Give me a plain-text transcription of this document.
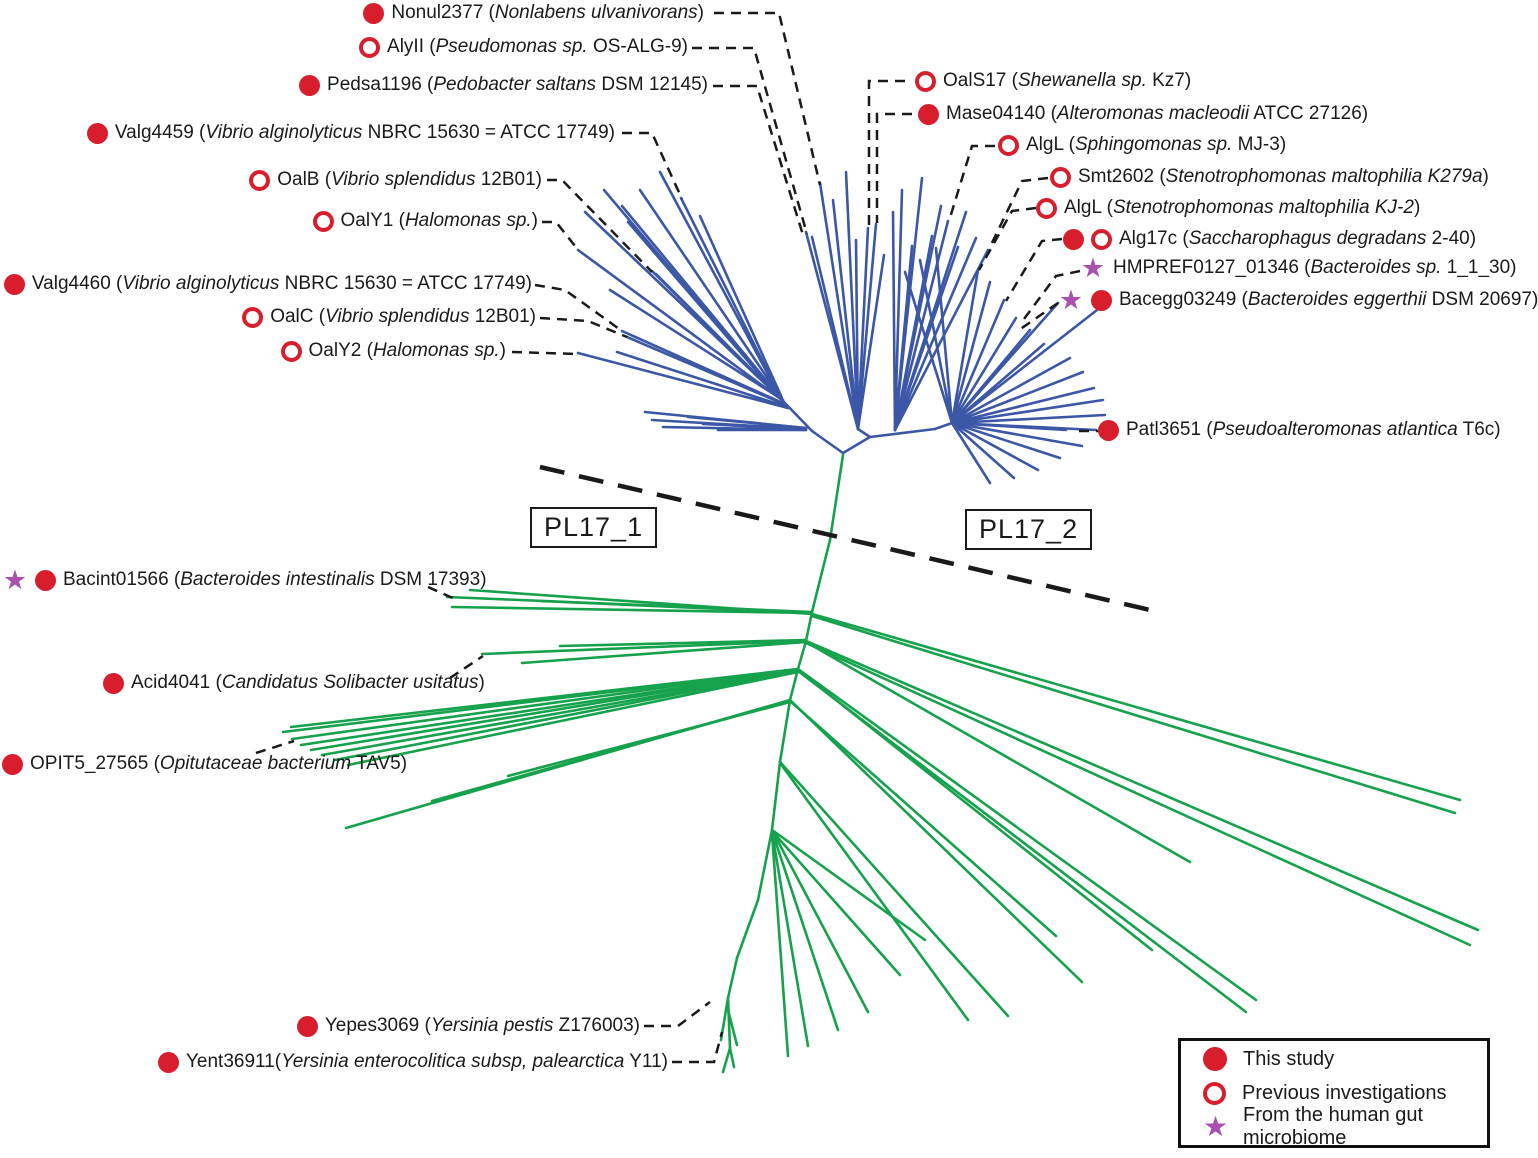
Nonul2377 (Nonlabens ulvanivorans)
AlyII (Pseudomonas sp. OS-ALG-9)
Pedsa1196 (Pedobacter saltans DSM 12145)
Valg4459 (Vibrio alginolyticus NBRC 15630 = ATCC 17749)
OalB (Vibrio splendidus 12B01)
OalY1 (Halomonas sp.)
Valg4460 (Vibrio alginolyticus NBRC 15630 = ATCC 17749)
OalC (Vibrio splendidus 12B01)
OalY2 (Halomonas sp.)
OalS17 (Shewanella sp. Kz7)
Mase04140 (Alteromonas macleodii ATCC 27126)
AlgL (Sphingomonas sp. MJ-3)
Smt2602 (Stenotrophomonas maltophilia K279a)
AlgL (Stenotrophomonas maltophilia KJ-2)
Alg17c (Saccharophagus degradans 2-40)
★
HMPREF0127_01346 (Bacteroides sp. 1_1_30)
★
Bacegg03249 (Bacteroides eggerthii DSM 20697)
Patl3651 (Pseudoalteromonas atlantica T6c)
★
Bacint01566 (Bacteroides intestinalis DSM 17393)
Acid4041 (Candidatus Solibacter usitatus)
OPIT5_27565 (Opitutaceae bacterium TAV5)
Yepes3069 (Yersinia pestis Z176003)
Yent36911(Yersinia enterocolitica subsp, palearctica Y11)
PL17_1	PL17_2
This study
Previous investigations
★
From the human gut microbiome
